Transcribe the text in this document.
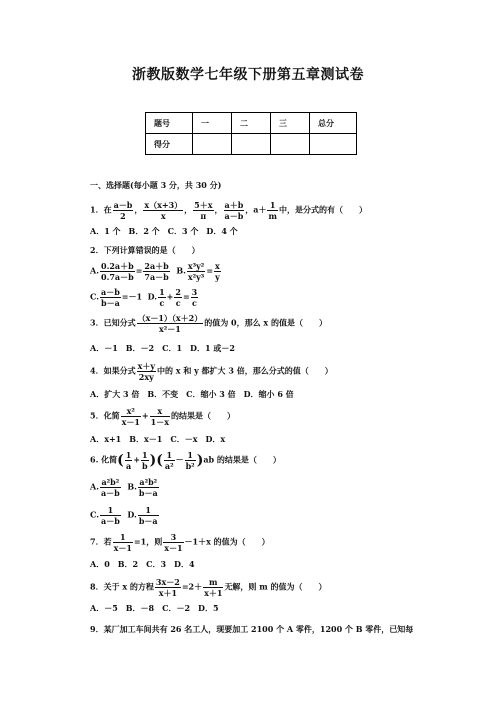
浙教版数学七年级下册第五章测试卷
题号	一	二	三	总分
得分				
一、选择题(每小题 3 分，共 30 分)
1．在 $\frac{a-b}{2}$ ， $\frac{x(x+3)}{x}$ ， $\frac{5+x}{\pi}$ ， $\frac{a+b}{a-b}$ ，$a+ \frac{1}{m}$ 中，是分式的有（　　）
A．1 个　B．2 个　C．3 个　D．4 个
2．下列计算错误的是（　　）
A. $\frac{0.2a+b}{0.7a-b} = \frac{2a+b}{7a-b} B$. $\frac{\text{x³y²}}{\text{x²y³}} = \frac{x}{y}$
C. $\frac{a-b}{b-a} =-1$ D. $\frac{1}{c} + \frac{2}{c} = \frac{3}{c}$
3．已知分式 $\frac{(x-1)(x+2)}{\text{x²－1}}$ 的值为 0，那么 x 的值是（　　）
A．－1　B．－2　C．1　D．1 或－2
4．如果分式 $\frac{x+y}{2xy}$ 中的 x 和 y 都扩大 3 倍，那么分式的值（　　）
A．扩大 3 倍　B．不变　C．缩小 3 倍　D．缩小 6 倍
5．化简 $\frac{\text{x²}}{x-1} + \frac{x}{1-x}$ 的结果是（　　）
A．x+1　B．x－1　C．－x　D．x
6. 化简( $\frac{1}{a} + \frac{1}{b}$ )( $\frac{1}{\text{a²}} - \frac{1}{\text{b²}} )ab$ 的结果是（　　）
A. $\frac{\text{a²b²}}{a-b} B$. $\frac{\text{a²b²}}{b-a}$
C. $\frac{1}{a-b} D$. $\frac{1}{b-a}$
7．若 $\frac{1}{x-1} =1$，则 $\frac{3}{x-1} -1+x$ 的值为（　　）
A．0　B．2　C．3　D．4
8．关于 x 的方程 $\frac{3x-2}{x+1} =2+ \frac{m}{x+1}$ 无解，则 m 的值为（　　）
A．－5　B．－8　C．－2　D．5
9．某厂加工车间共有 26 名工人，现要加工 2100 个 A 零件，1200 个 B 零件，已知每
